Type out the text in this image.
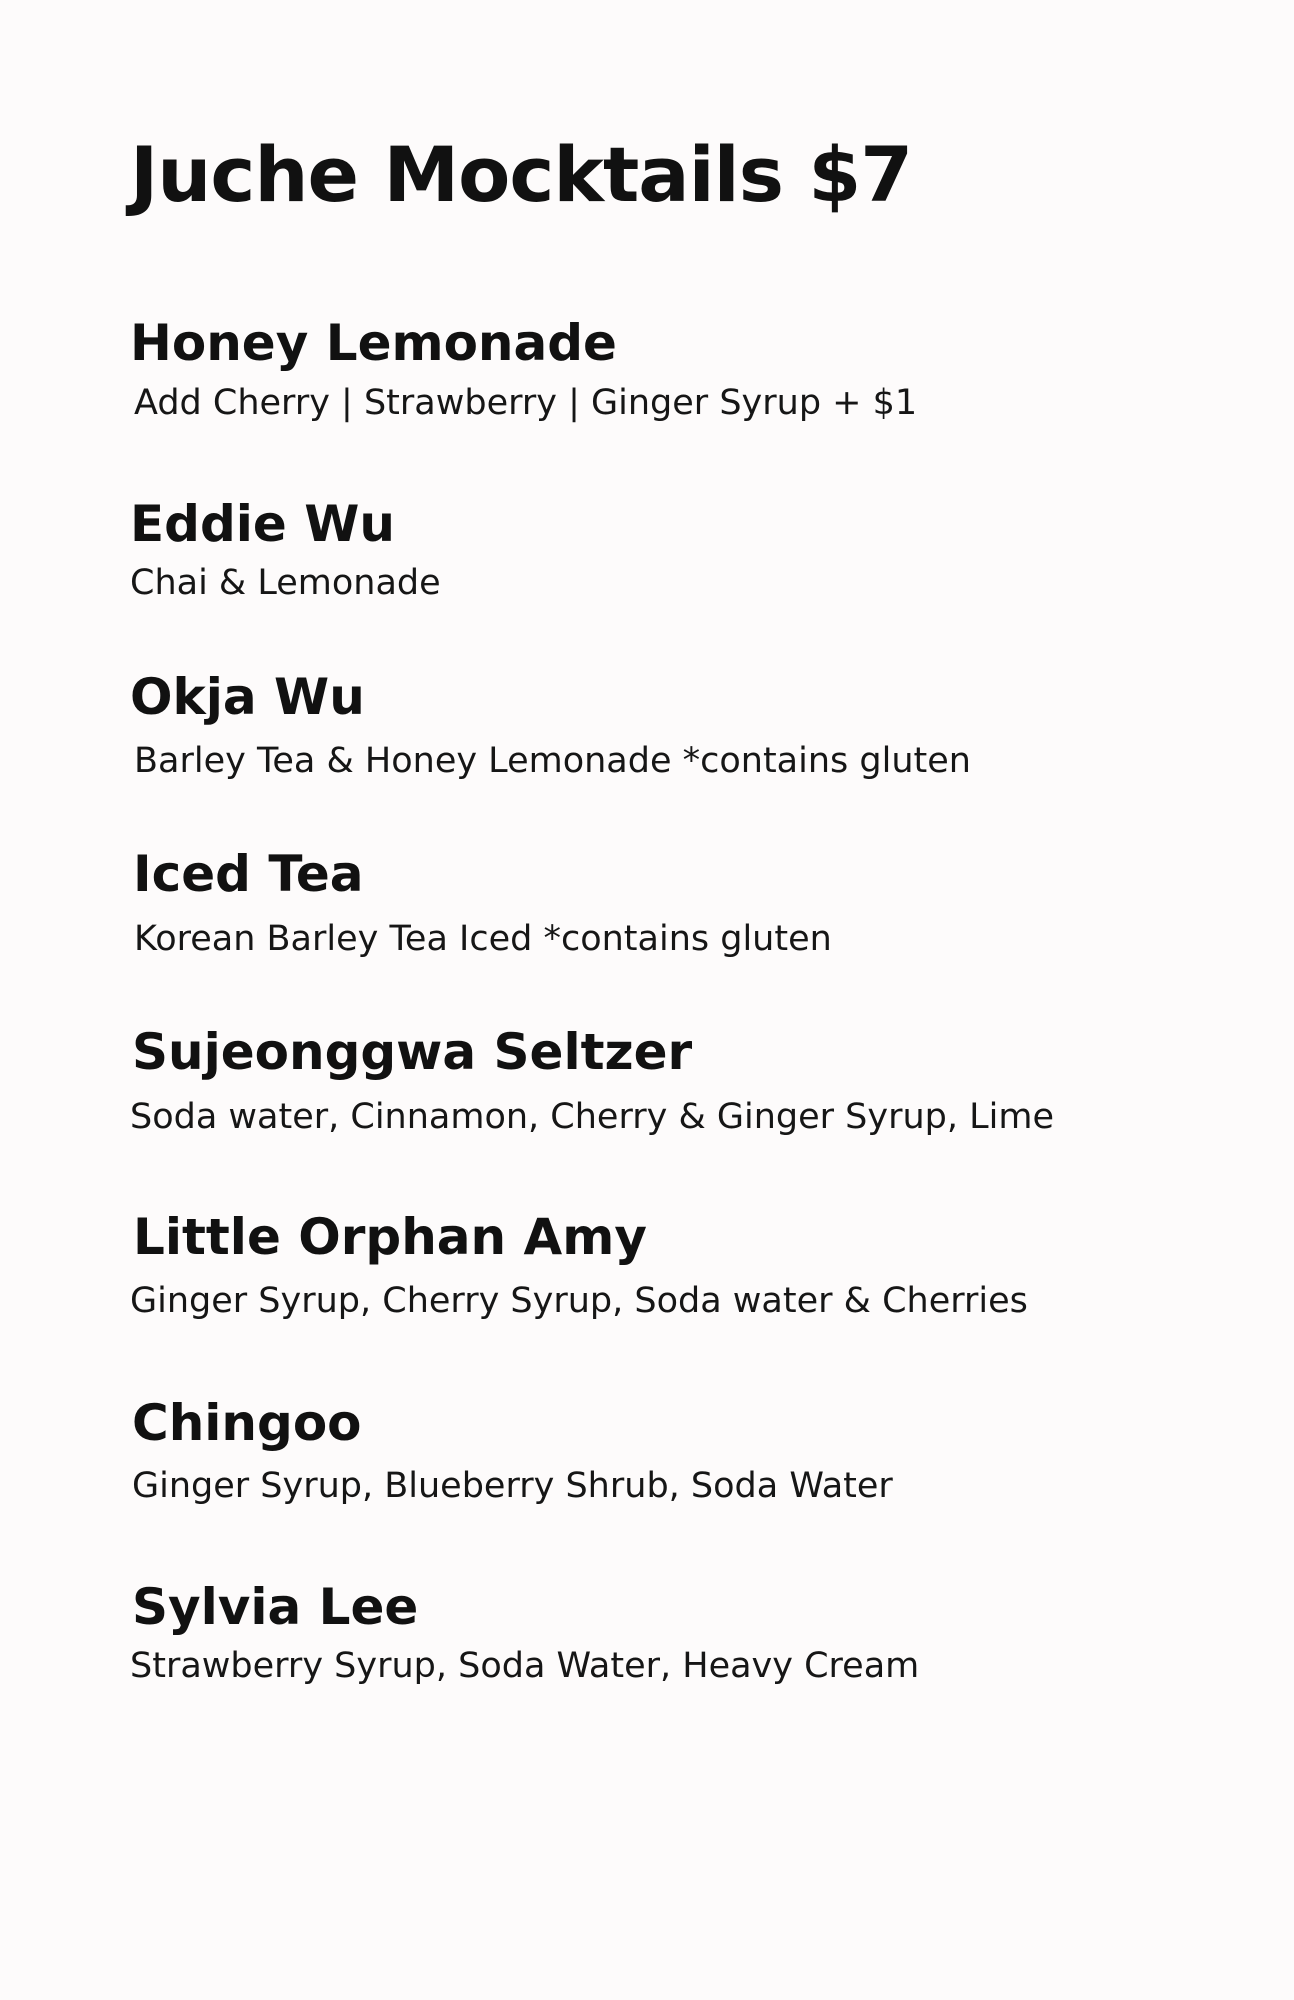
Juche Mocktails $7
Honey Lemonade

Add Cherry | Strawberry | Ginger Syrup + $1

Eddie Wu

Chai & Lemonade

Okja Wu

Barley Tea & Honey Lemonade *contains gluten

Iced Tea

Korean Barley Tea Iced *contains gluten

Sujeonggwa Seltzer

Soda water, Cinnamon, Cherry & Ginger Syrup, Lime

Little Orphan Amy

Ginger Syrup, Cherry Syrup, Soda water & Cherries

Chingoo

Ginger Syrup, Blueberry Shrub, Soda Water

Sylvia Lee

Strawberry Syrup, Soda Water, Heavy Cream
